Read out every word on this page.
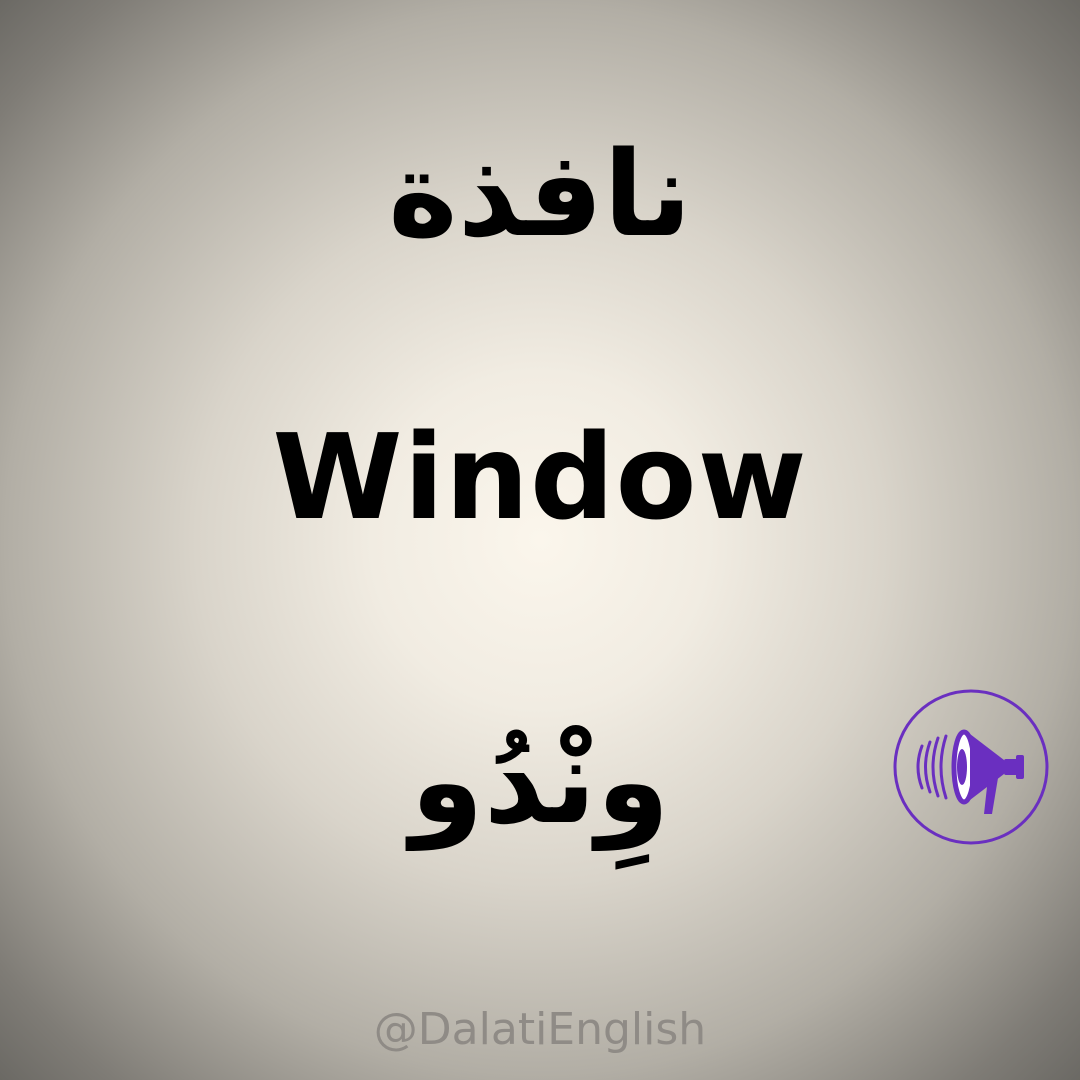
نافذة
Window
وِنْدُو
@DalatiEnglish
